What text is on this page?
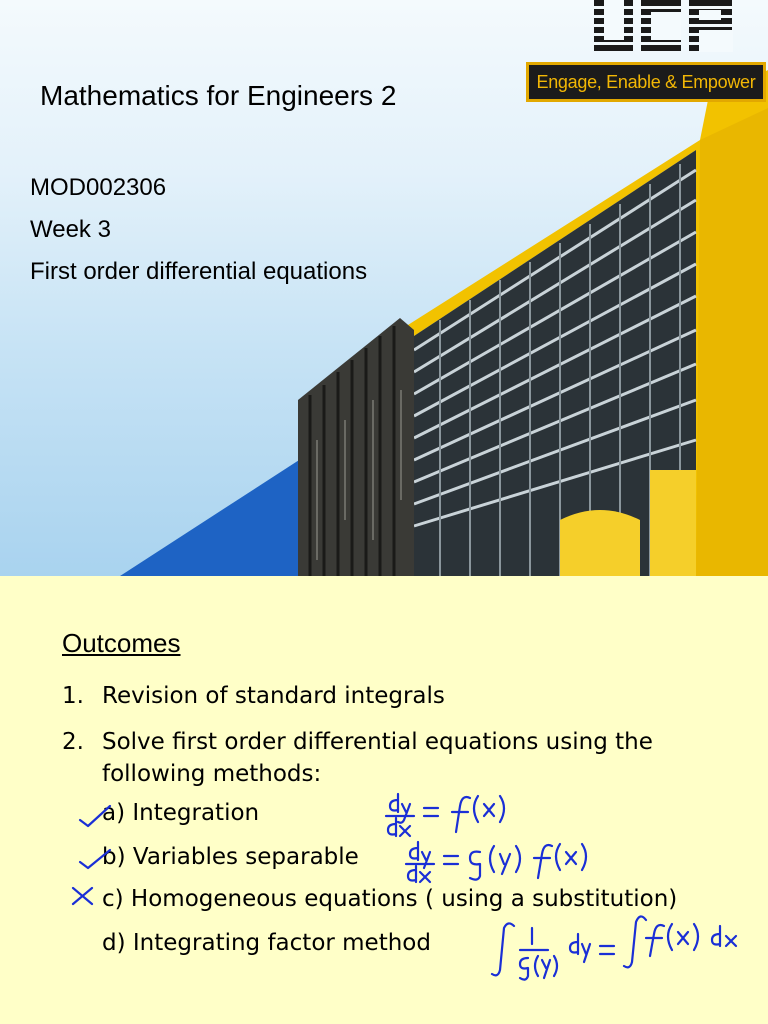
Mathematics for Engineers 2
MOD002306
Week 3
First order differential equations
Engage, Enable & Empower
Outcomes
1. Revision of standard integrals
2. Solve first order differential equations using the following methods:
a) Integration
b) Variables separable
c) Homogeneous equations ( using a substitution)
d) Integrating factor method
